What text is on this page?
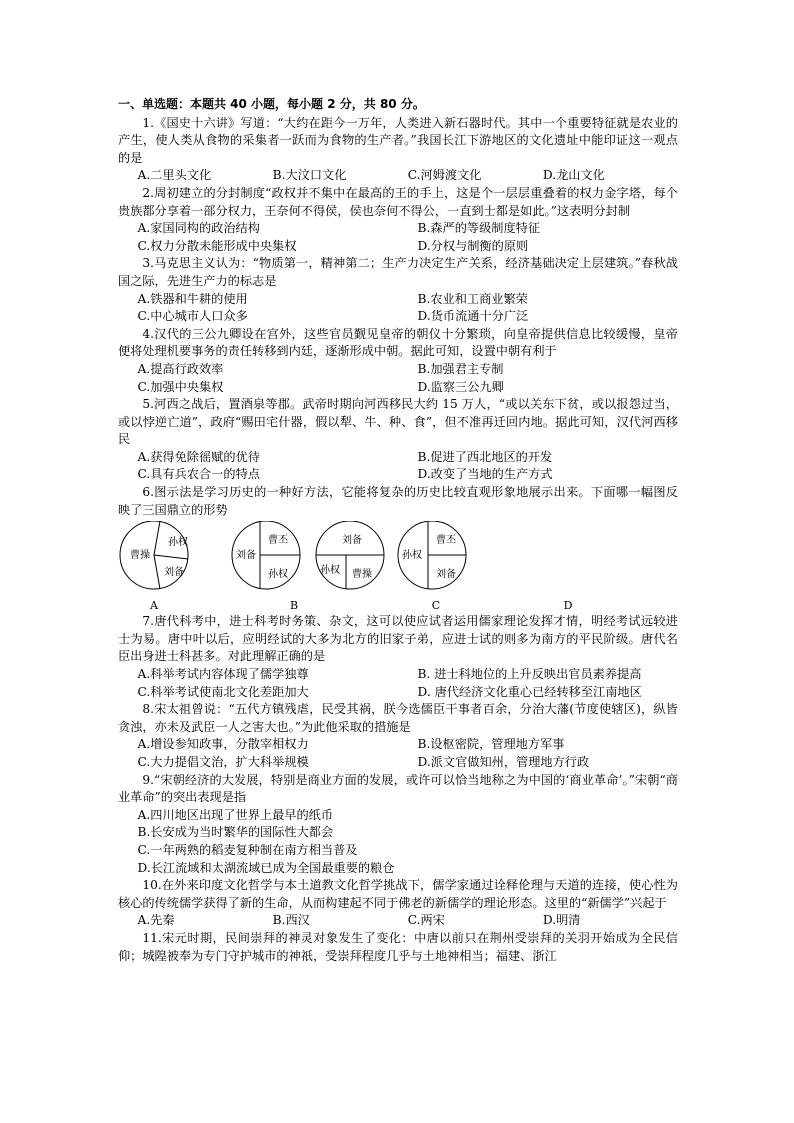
一、单选题：本题共 40 小题，每小题 2 分，共 80 分。

1.《国史十六讲》写道：“大约在距今一万年，人类进入新石器时代。其中一个重要特征就是农业的产生，使人类从食物的采集者一跃而为食物的生产者。”我国长江下游地区的文化遗址中能印证这一观点的是

A.二里头文化	B.大汶口文化	C.河姆渡文化	D.龙山文化

2.周初建立的分封制度“政权并不集中在最高的王的手上，这是个一层层重叠着的权力金字塔，每个贵族都分享着一部分权力，王奈何不得侯，侯也奈何不得公，一直到士都是如此。”这表明分封制

A.家国同构的政治结构	B.森严的等级制度特征
C.权力分散未能形成中央集权	D.分权与制衡的原则

3.马克思主义认为：“物质第一，精神第二；生产力决定生产关系，经济基础决定上层建筑。”春秋战国之际，先进生产力的标志是

A.铁器和牛耕的使用	B.农业和工商业繁荣
C.中心城市人口众多	D.货币流通十分广泛

4.汉代的三公九卿设在宫外，这些官员觐见皇帝的朝仪十分繁琐，向皇帝提供信息比较缓慢，皇帝便将处理机要事务的责任转移到内廷，逐渐形成中朝。据此可知，设置中朝有利于

A.提高行政效率	B.加强君主专制
C.加强中央集权	D.监察三公九卿

5.河西之战后，置酒泉等郡。武帝时期向河西移民大约 15 万人，“或以关东下贫，或以报怨过当，或以悖逆亡道”，政府“赐田宅什器，假以犁、牛、种、食”，但不准再迁回内地。据此可知，汉代河西移民

A.获得免除徭赋的优待	B.促进了西北地区的开发
C.具有兵农合一的特点	D.改变了当地的生产方式

6.图示法是学习历史的一种好方法，它能将复杂的历史比较直观形象地展示出来。下面哪一幅图反映了三国鼎立的形势

孙权
曹操
刘备
曹丕
刘备
孙权
刘备
孙权 曹操
曹丕
孙权
刘备
A	B	C	D

7.唐代科考中，进士科考时务策、杂文，这可以使应试者运用儒家理论发挥才情，明经考试远较进士为易。唐中叶以后，应明经试的大多为北方的旧家子弟，应进士试的则多为南方的平民阶级。唐代名臣出身进士科甚多。对此理解正确的是

A.科举考试内容体现了儒学独尊	B. 进士科地位的上升反映出官员素养提高
C.科举考试使南北文化差距加大	D. 唐代经济文化重心已经转移至江南地区

8.宋太祖曾说：“五代方镇残虐，民受其祸，朕今选儒臣干事者百余，分治大藩(节度使辖区)，纵皆贪浊，亦未及武臣一人之害大也。”为此他采取的措施是

A.增设参知政事，分散宰相权力	B.设枢密院，管理地方军事
C.大力提倡文治，扩大科举规模	D.派文官做知州，管理地方行政

9.“宋朝经济的大发展，特别是商业方面的发展，或许可以恰当地称之为中国的‘商业革命’。”宋朝“商业革命”的突出表现是指

A.四川地区出现了世界上最早的纸币
B.长安成为当时繁华的国际性大都会
C.一年两熟的稻麦复种制在南方相当普及
D.长江流域和太湖流域已成为全国最重要的粮仓

10.在外来印度文化哲学与本土道教文化哲学挑战下，儒学家通过诠释伦理与天道的连接，使心性为核心的传统儒学获得了新的生命，从而构建起不同于佛老的新儒学的理论形态。这里的“新儒学”兴起于

A.先秦	B.西汉	C.两宋	D.明清

11.宋元时期，民间崇拜的神灵对象发生了变化：中唐以前只在荆州受崇拜的关羽开始成为全民信仰；城隍被奉为专门守护城市的神祇，受崇拜程度几乎与土地神相当；福建、浙江
